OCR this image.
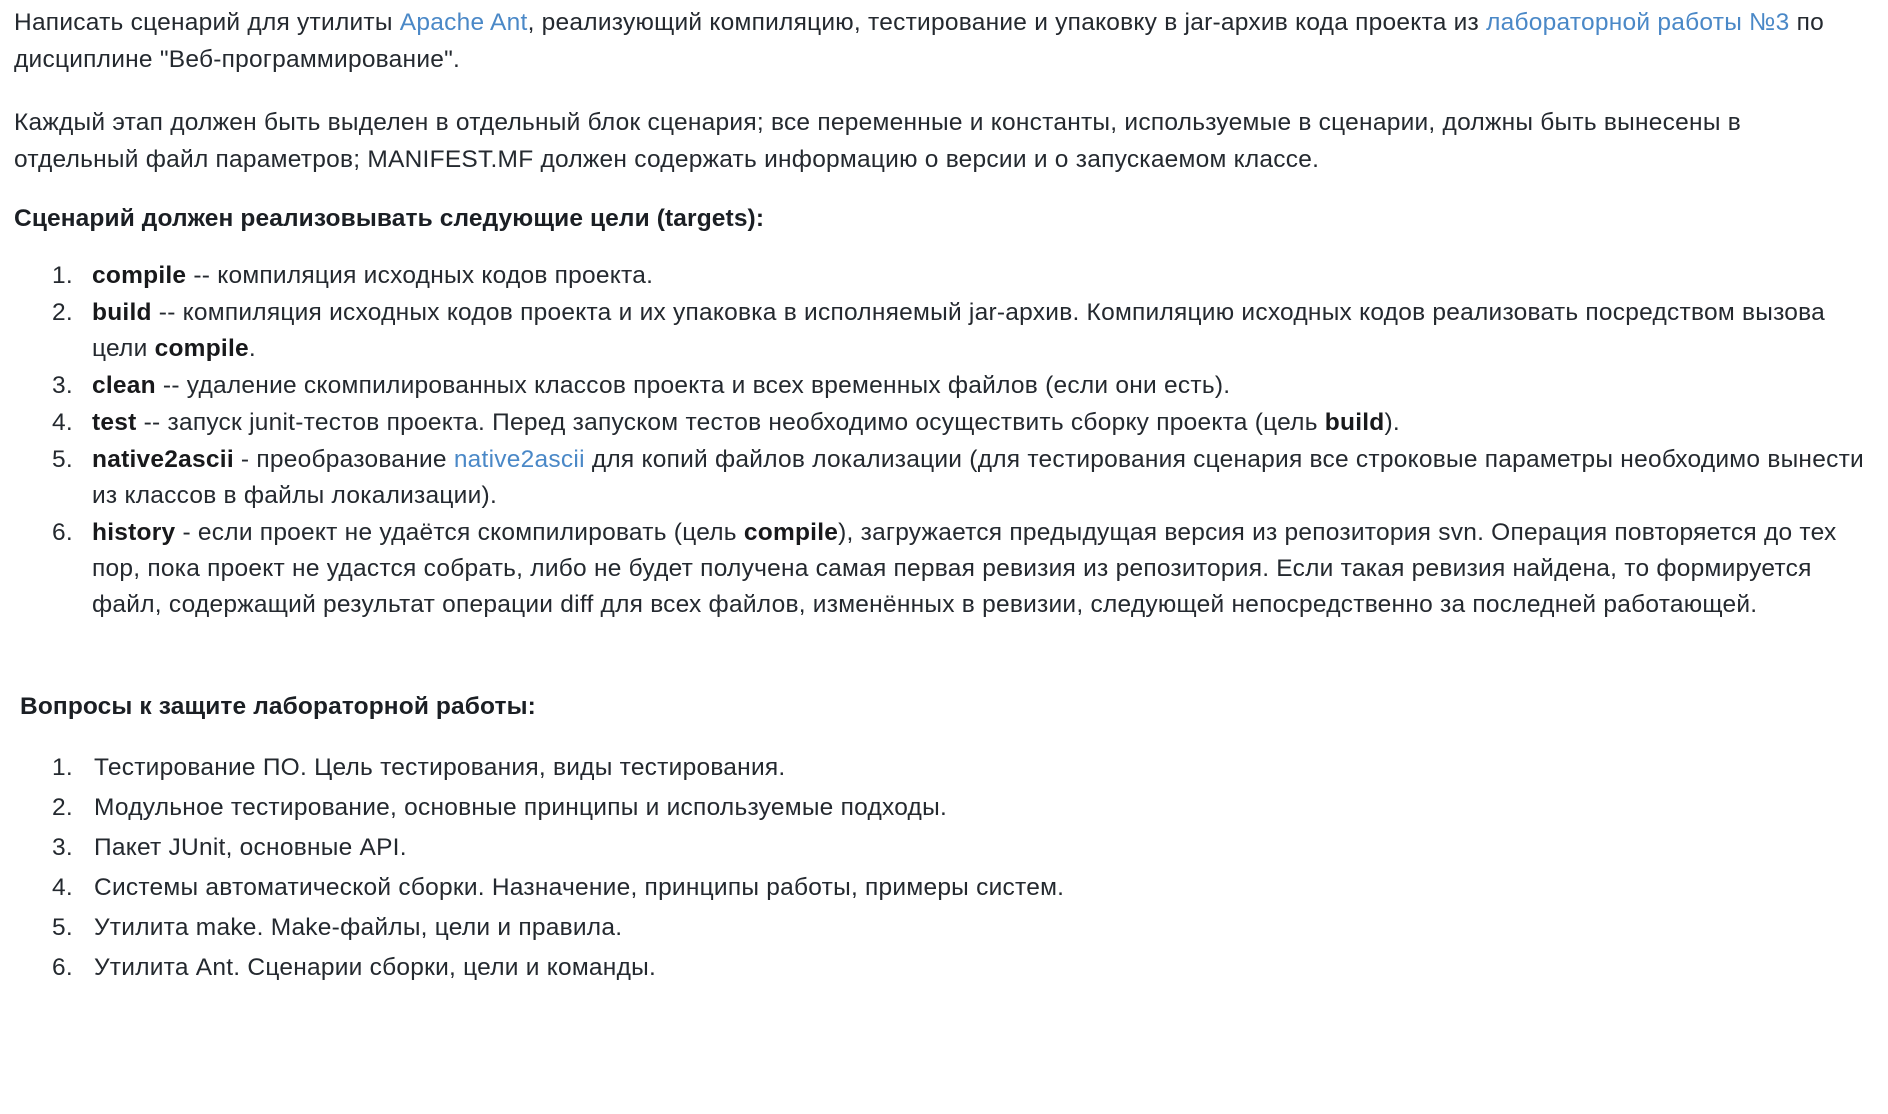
Написать сценарий для утилиты Apache Ant, реализующий компиляцию, тестирование и упаковку в jar-архив кода проекта из лабораторной работы №3 по дисциплине "Веб-программирование".

Каждый этап должен быть выделен в отдельный блок сценария; все переменные и константы, используемые в сценарии, должны быть вынесены в отдельный файл параметров; MANIFEST.MF должен содержать информацию о версии и о запускаемом классе.

Сценарий должен реализовывать следующие цели (targets):
1. compile -- компиляция исходных кодов проекта.
2. build -- компиляция исходных кодов проекта и их упаковка в исполняемый jar-архив. Компиляцию исходных кодов реализовать посредством вызова цели compile.
3. clean -- удаление скомпилированных классов проекта и всех временных файлов (если они есть).
4. test -- запуск junit-тестов проекта. Перед запуском тестов необходимо осуществить сборку проекта (цель build).
5. native2ascii - преобразование native2ascii для копий файлов локализации (для тестирования сценария все строковые параметры необходимо вынести из классов в файлы локализации).
6. history - если проект не удаётся скомпилировать (цель compile), загружается предыдущая версия из репозитория svn. Операция повторяется до тех пор, пока проект не удастся собрать, либо не будет получена самая первая ревизия из репозитория. Если такая ревизия найдена, то формируется файл, содержащий результат операции diff для всех файлов, изменённых в ревизии, следующей непосредственно за последней работающей.
Вопросы к защите лабораторной работы:
1. Тестирование ПО. Цель тестирования, виды тестирования.
2. Модульное тестирование, основные принципы и используемые подходы.
3. Пакет JUnit, основные API.
4. Системы автоматической сборки. Назначение, принципы работы, примеры систем.
5. Утилита make. Make-файлы, цели и правила.
6. Утилита Ant. Сценарии сборки, цели и команды.
